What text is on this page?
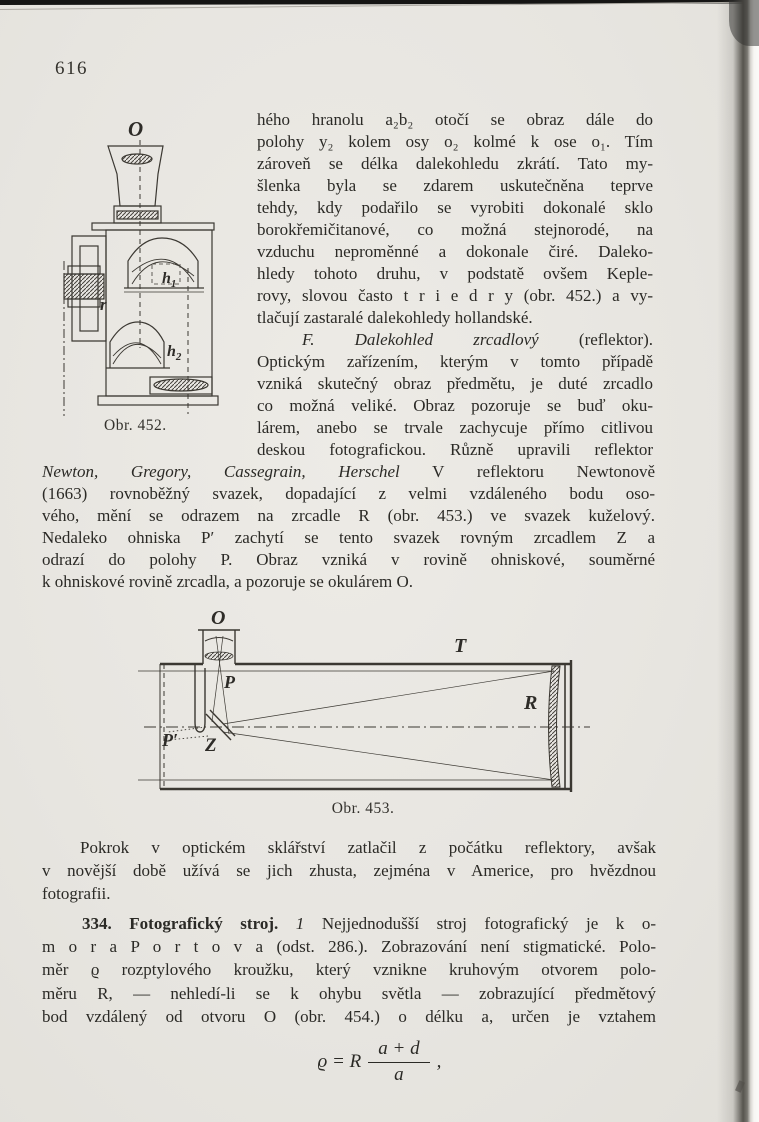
616
O
$h_1$
$h_2$
r
Obr. 452.
hého hranolu a₂b₂ otočí se obraz dále do
polohy y₂ kolem osy o₂ kolmé k ose o₁. Tím
zároveň se délka dalekohledu zkrátí. Tato my-
šlenka byla se zdarem uskutečněna teprve
tehdy, kdy podařilo se vyrobiti dokonalé sklo
borokřemičitanové, co možná stejnorodé, na
vzduchu neproměnné a dokonale čiré. Daleko-
hledy tohoto druhu, v podstatě ovšem Keple-
rovy, slovou často t r i e d r y (obr. 452.) a vy-
tlačují zastaralé dalekohledy hollandské.
F. Dalekohled zrcadlový (reflektor).
Optickým zařízením, kterým v tomto případě
vzniká skutečný obraz předmětu, je duté zrcadlo
co možná veliké. Obraz pozoruje se buď oku-
lárem, anebo se trvale zachycuje přímo citlivou
deskou fotografickou. Různě upravili reflektor
Newton, Gregory, Cassegrain, Herschel V reflektoru Newtonově
(1663) rovnoběžný svazek, dopadající z velmi vzdáleného bodu oso-
vého, mění se odrazem na zrcadle R (obr. 453.) ve svazek kuželový.
Nedaleko ohniska P′ zachytí se tento svazek rovným zrcadlem Z a
odrazí do polohy P. Obraz vzniká v rovině ohniskové, souměrné
k ohniskové rovině zrcadla, a pozoruje se okulárem O.
O
T
P
R
P′ Z
Obr. 453.
Pokrok v optickém sklářství zatlačil z počátku reflektory, avšak
v novější době užívá se jich zhusta, zejména v Americe, pro hvězdnou
fotografii.
334. Fotografický stroj. 1 Nejjednodušší stroj fotografický je k o-
m o r a P o r t o v a (odst. 286.). Zobrazování není stigmatické. Polo-
měr ϱ rozptylového kroužku, který vznikne kruhovým otvorem polo-
měru R, — nehledí-li se k ohybu světla — zobrazující předmětový
bod vzdálený od otvoru O (obr. 454.) o délku a, určen je vztahem
ϱ = R $\frac{a + d}{a}$ ,
